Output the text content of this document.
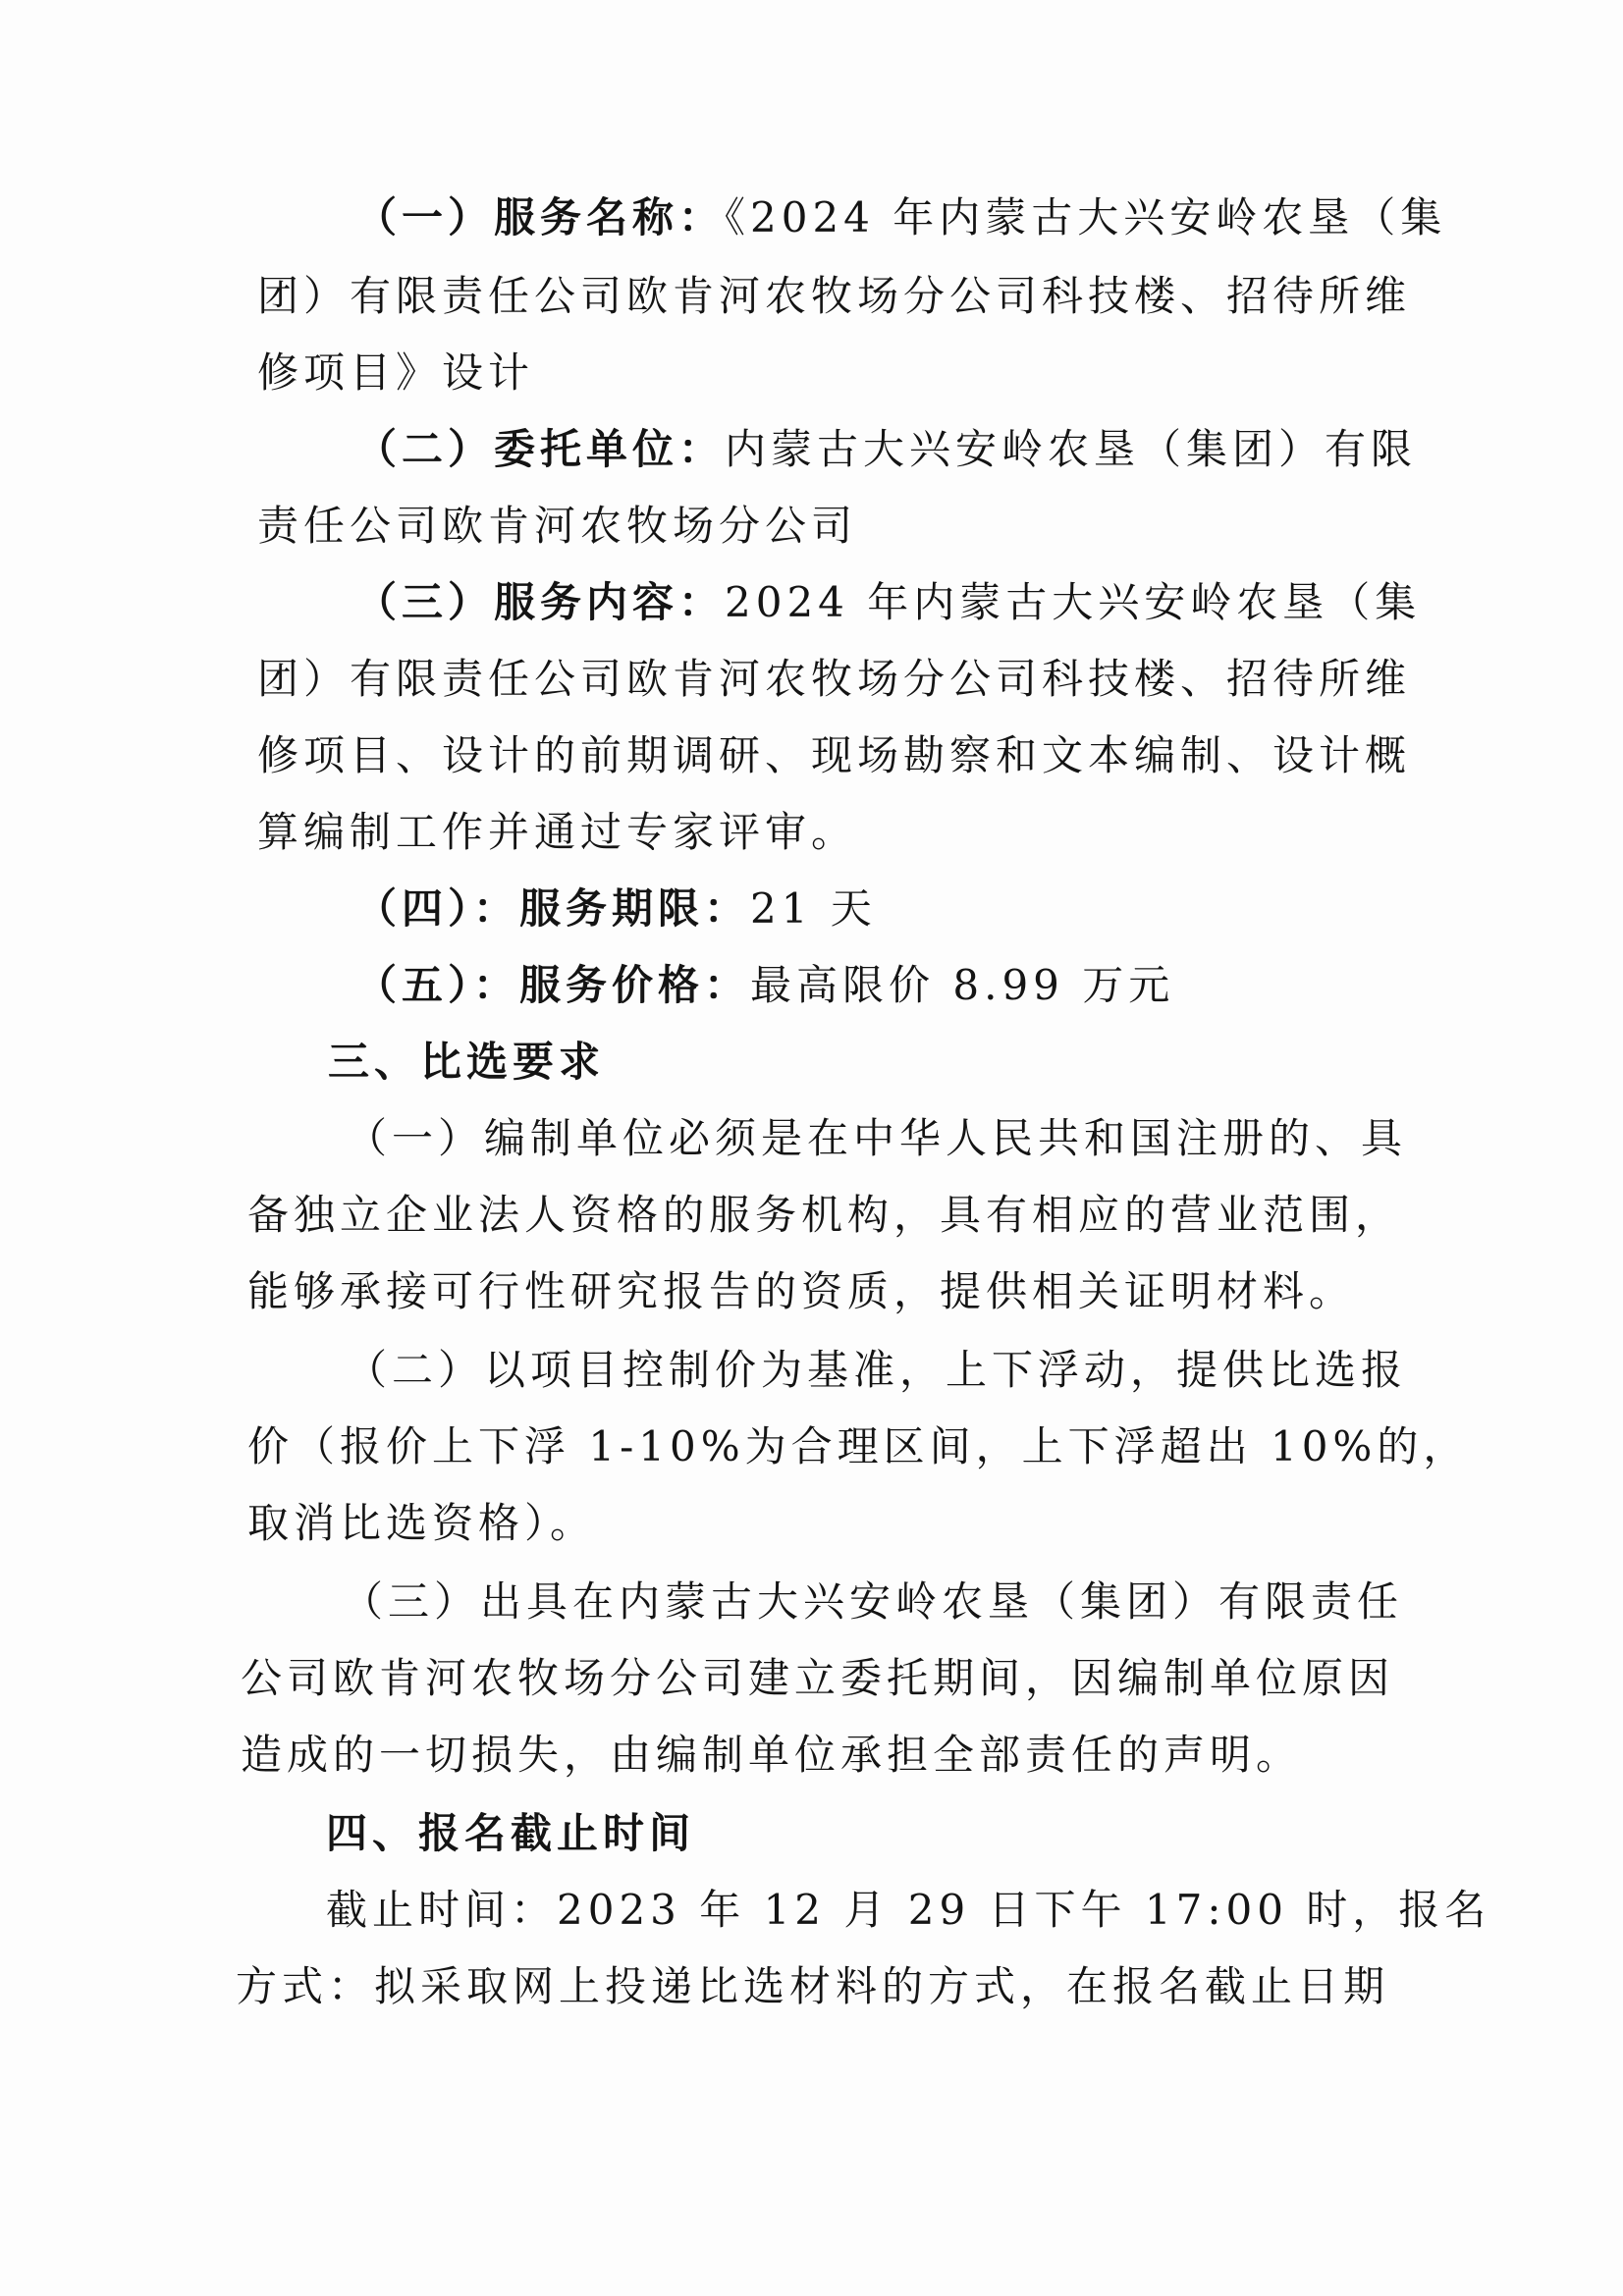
（一）服务名称：《2024 年内蒙古大兴安岭农垦（集

团）有限责任公司欧肯河农牧场分公司科技楼、招待所维

修项目》设计

（二）委托单位：内蒙古大兴安岭农垦（集团）有限

责任公司欧肯河农牧场分公司

（三）服务内容：2024 年内蒙古大兴安岭农垦（集

团）有限责任公司欧肯河农牧场分公司科技楼、招待所维

修项目、设计的前期调研、现场勘察和文本编制、设计概

算编制工作并通过专家评审。

（四）：服务期限：21 天

（五）：服务价格：最高限价 8.99 万元

三、比选要求

（一）编制单位必须是在中华人民共和国注册的、具

备独立企业法人资格的服务机构，具有相应的营业范围，

能够承接可行性研究报告的资质，提供相关证明材料。

（二）以项目控制价为基准，上下浮动，提供比选报

价（报价上下浮 1-10%为合理区间，上下浮超出 10%的，

取消比选资格）。

（三）出具在内蒙古大兴安岭农垦（集团）有限责任

公司欧肯河农牧场分公司建立委托期间，因编制单位原因

造成的一切损失，由编制单位承担全部责任的声明。

四、报名截止时间

截止时间：2023 年 12 月 29 日下午 17:00 时，报名

方式：拟采取网上投递比选材料的方式，在报名截止日期
